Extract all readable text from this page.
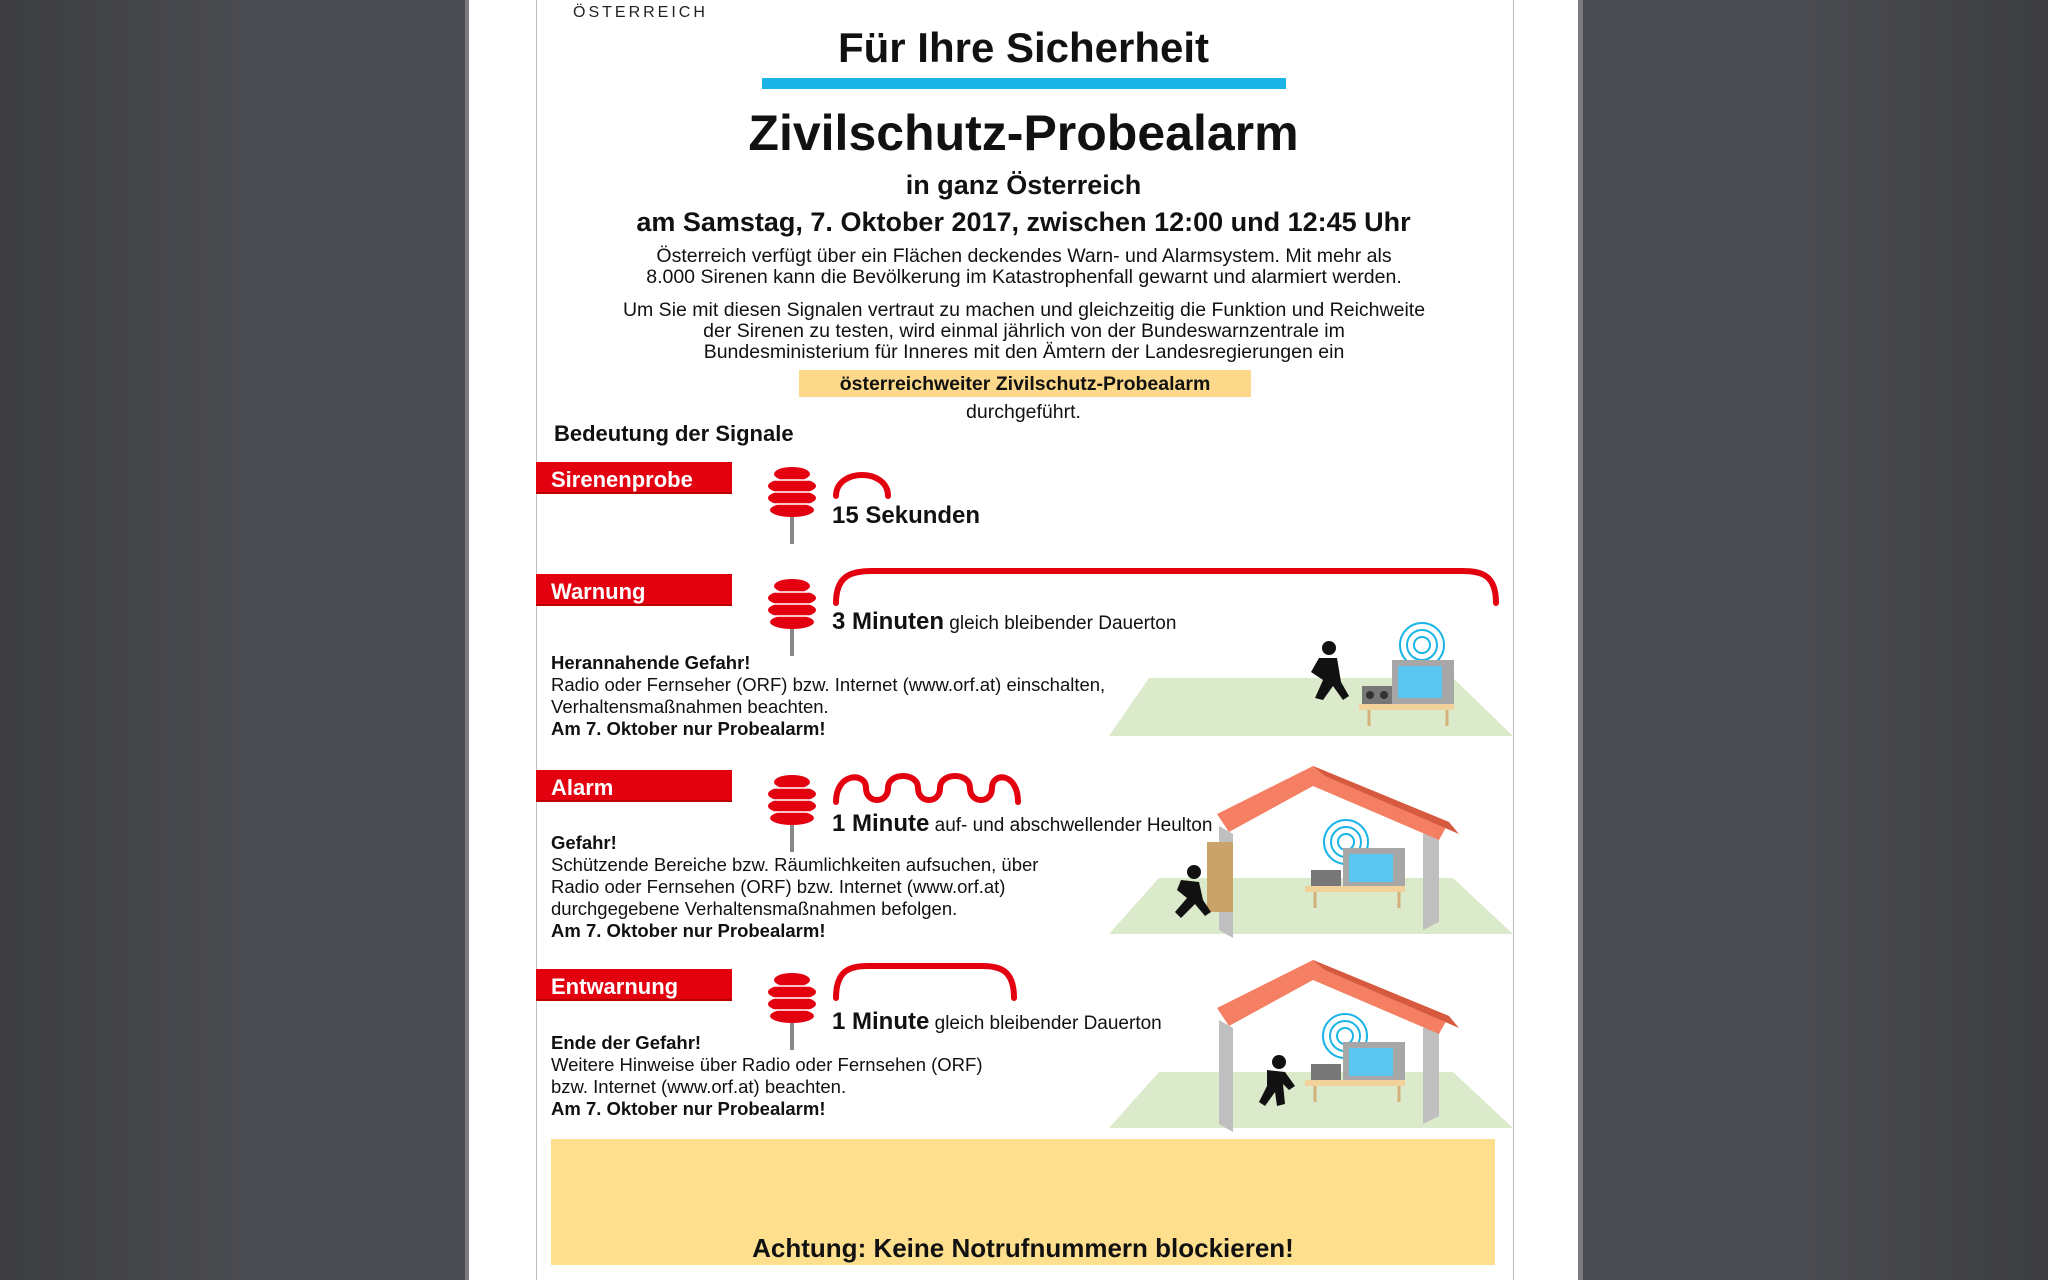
ÖSTERREICH
Für Ihre Sicherheit
Zivilschutz-Probealarm
in ganz Österreich
am Samstag, 7. Oktober 2017, zwischen 12:00 und 12:45 Uhr
Österreich verfügt über ein Flächen deckendes Warn- und Alarmsystem. Mit mehr als
8.000 Sirenen kann die Bevölkerung im Katastrophenfall gewarnt und alarmiert werden.
Um Sie mit diesen Signalen vertraut zu machen und gleichzeitig die Funktion und Reichweite
der Sirenen zu testen, wird einmal jährlich von der Bundeswarnzentrale im
Bundesministerium für Inneres mit den Ämtern der Landesregierungen ein
österreichweiter Zivilschutz-Probealarm
durchgeführt.
Bedeutung der Signale
Sirenenprobe
15 Sekunden
Warnung
3 Minuten gleich bleibender Dauerton
Herannahende Gefahr!
Radio oder Fernseher (ORF) bzw. Internet (www.orf.at) einschalten,
Verhaltensmaßnahmen beachten.
Am 7. Oktober nur Probealarm!
Alarm
1 Minute auf- und abschwellender Heulton
Gefahr!
Schützende Bereiche bzw. Räumlichkeiten aufsuchen, über
Radio oder Fernsehen (ORF) bzw. Internet (www.orf.at)
durchgegebene Verhaltensmaßnahmen befolgen.
Am 7. Oktober nur Probealarm!
Entwarnung
1 Minute gleich bleibender Dauerton
Ende der Gefahr!
Weitere Hinweise über Radio oder Fernsehen (ORF)
bzw. Internet (www.orf.at) beachten.
Am 7. Oktober nur Probealarm!
Achtung: Keine Notrufnummern blockieren!
